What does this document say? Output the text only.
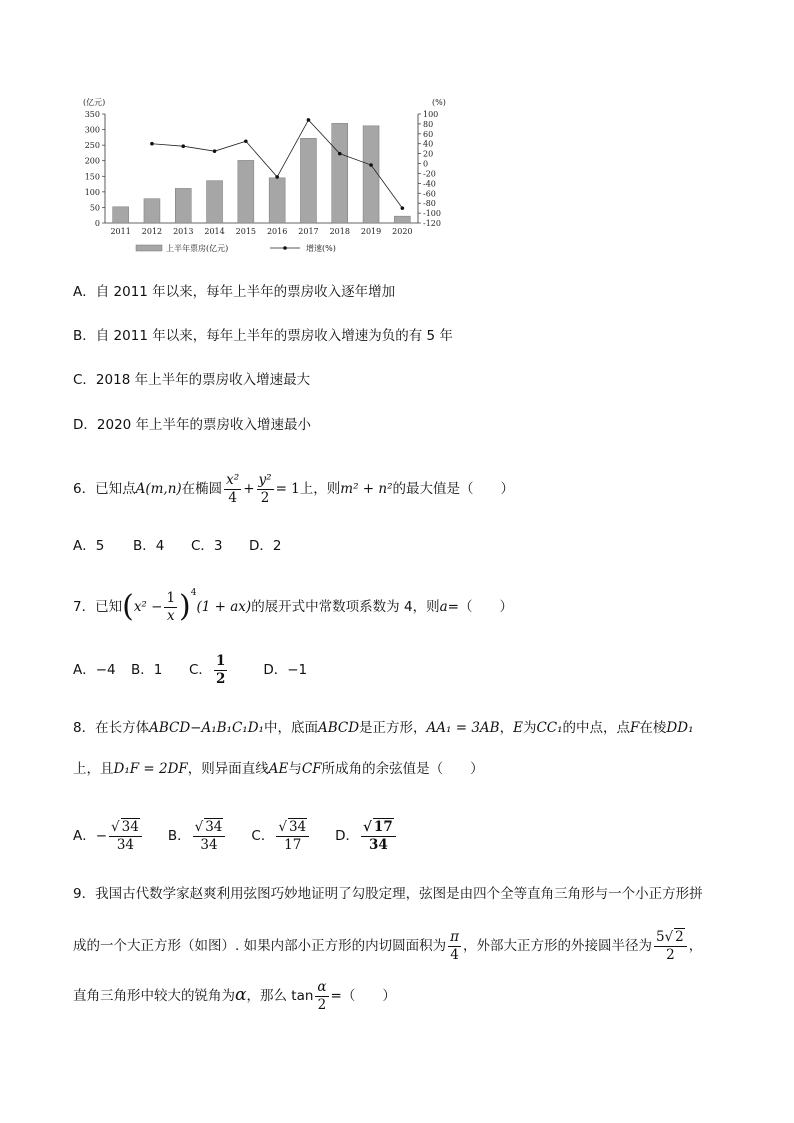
0
50
100
150
200
250
300
350	100
80
60
40
20
0
-20
-40
-60
-80
-100
-120
(亿元)	(%)
2011 2012 2013 2014 2015 2016 2017 2018 2019 2020
上半年票房(亿元)	增速(%)
A．自 2011 年以来，每年上半年的票房收入逐年增加
B．自 2011 年以来，每年上半年的票房收入增速为负的有 5 年
C．2018 年上半年的票房收入增速最大
D．2020 年上半年的票房收入增速最小
6．已知点A(m,n)在椭圆 $\frac{\text{x²}}{4} + \frac{\text{y²}}{2} = 1$上，则m² + n²的最大值是（　　）
A．5 B．4 C．3 D．2
7．已知$(x^2 - \frac{1}{x} )^4(1 + ax)$的展开式中常数项系数为 4，则a=（　　）
A．−4 B．1 C． $\frac{1}{2}$	D．−1
8．在长方体ABCD−A₁B₁C₁D₁中，底面ABCD是正方形，AA₁ = 3AB，E为CC₁的中点，点F在棱DD₁
上，且D₁F = 2DF，则异面直线AE与CF所成角的余弦值是（　　）
A．− $\frac{√ 34}{34}$ B． $\frac{√ 34}{34}$ C． $\frac{√ 34}{17}$ D． $\frac{√ 17}{34}$
9．我国古代数学家赵爽利用弦图巧妙地证明了勾股定理，弦图是由四个全等直角三角形与一个小正方形拼
成的一个大正方形（如图）. 如果内部小正方形的内切圆面积为 $\frac{\pi}{4}$ ，外部大正方形的外接圆半径为 $\frac{5√ 2}{2}$ ，
直角三角形中较大的锐角为α，那么 $\tan \frac{\alpha}{2}$ =（　　）
